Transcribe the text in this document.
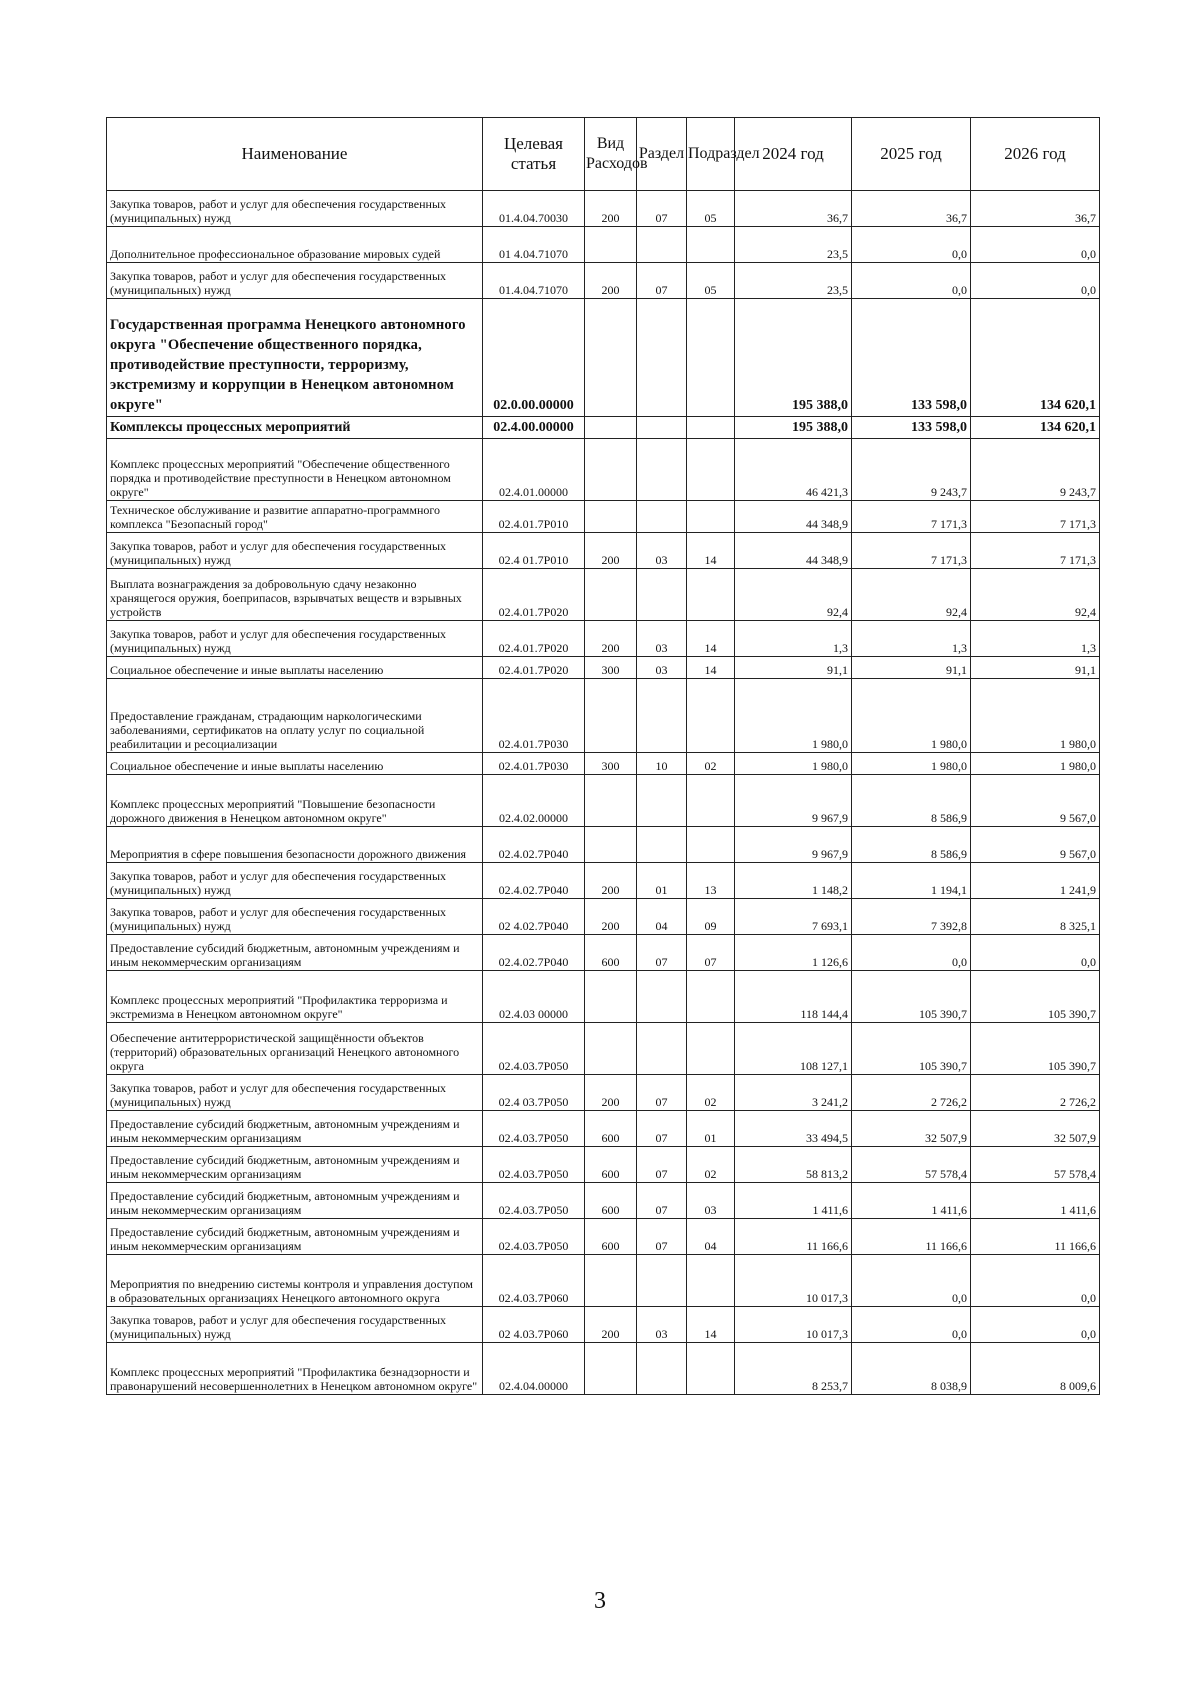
Наименование	Целевая статья	Вид Расходов	Раздел	Подраздел	2024 год	2025 год	2026 год
Закупка товаров, работ и услуг для обеспечения государственных (муниципальных) нужд	01.4.04.70030	200	07	05	36,7	36,7	36,7
Дополнительное профессиональное образование мировых судей	01 4.04.71070				23,5	0,0	0,0
Закупка товаров, работ и услуг для обеспечения государственных (муниципальных) нужд	01.4.04.71070	200	07	05	23,5	0,0	0,0
Государственная программа Ненецкого автономного округа "Обеспечение общественного порядка, противодействие преступности, терроризму, экстремизму и коррупции в Ненецком автономном округе"	02.0.00.00000				195 388,0	133 598,0	134 620,1
Комплексы процессных мероприятий	02.4.00.00000				195 388,0	133 598,0	134 620,1
Комплекс процессных мероприятий "Обеспечение общественного порядка и противодействие преступности в Ненецком автономном округе"	02.4.01.00000				46 421,3	9 243,7	9 243,7
Техническое обслуживание и развитие аппаратно-программного комплекса "Безопасный город"	02.4.01.7Р010				44 348,9	7 171,3	7 171,3
Закупка товаров, работ и услуг для обеспечения государственных (муниципальных) нужд	02.4 01.7Р010	200	03	14	44 348,9	7 171,3	7 171,3
Выплата вознаграждения за добровольную сдачу незаконно хранящегося оружия, боеприпасов, взрывчатых веществ и взрывных устройств	02.4.01.7Р020				92,4	92,4	92,4
Закупка товаров, работ и услуг для обеспечения государственных (муниципальных) нужд	02.4.01.7Р020	200	03	14	1,3	1,3	1,3
Социальное обеспечение и иные выплаты населению	02.4.01.7Р020	300	03	14	91,1	91,1	91,1
Предоставление гражданам, страдающим наркологическими заболеваниями, сертификатов на оплату услуг по социальной реабилитации и ресоциализации	02.4.01.7Р030				1 980,0	1 980,0	1 980,0
Социальное обеспечение и иные выплаты населению	02.4.01.7Р030	300	10	02	1 980,0	1 980,0	1 980,0
Комплекс процессных мероприятий "Повышение безопасности дорожного движения в Ненецком автономном округе"	02.4.02.00000				9 967,9	8 586,9	9 567,0
Мероприятия в сфере повышения безопасности дорожного движения	02.4.02.7Р040				9 967,9	8 586,9	9 567,0
Закупка товаров, работ и услуг для обеспечения государственных (муниципальных) нужд	02.4.02.7Р040	200	01	13	1 148,2	1 194,1	1 241,9
Закупка товаров, работ и услуг для обеспечения государственных (муниципальных) нужд	02 4.02.7Р040	200	04	09	7 693,1	7 392,8	8 325,1
Предоставление субсидий бюджетным, автономным учреждениям и иным некоммерческим организациям	02.4.02.7Р040	600	07	07	1 126,6	0,0	0,0
Комплекс процессных мероприятий "Профилактика терроризма и экстремизма в Ненецком автономном округе"	02.4.03 00000				118 144,4	105 390,7	105 390,7
Обеспечение антитеррористической защищённости объектов (территорий) образовательных организаций Ненецкого автономного округа	02.4.03.7Р050				108 127,1	105 390,7	105 390,7
Закупка товаров, работ и услуг для обеспечения государственных (муниципальных) нужд	02.4 03.7Р050	200	07	02	3 241,2	2 726,2	2 726,2
Предоставление субсидий бюджетным, автономным учреждениям и иным некоммерческим организациям	02.4.03.7Р050	600	07	01	33 494,5	32 507,9	32 507,9
Предоставление субсидий бюджетным, автономным учреждениям и иным некоммерческим организациям	02.4.03.7Р050	600	07	02	58 813,2	57 578,4	57 578,4
Предоставление субсидий бюджетным, автономным учреждениям и иным некоммерческим организациям	02.4.03.7Р050	600	07	03	1 411,6	1 411,6	1 411,6
Предоставление субсидий бюджетным, автономным учреждениям и иным некоммерческим организациям	02.4.03.7Р050	600	07	04	11 166,6	11 166,6	11 166,6
Мероприятия по внедрению системы контроля и управления доступом в образовательных организациях Ненецкого автономного округа	02.4.03.7Р060				10 017,3	0,0	0,0
Закупка товаров, работ и услуг для обеспечения государственных (муниципальных) нужд	02 4.03.7Р060	200	03	14	10 017,3	0,0	0,0
Комплекс процессных мероприятий "Профилактика безнадзорности и правонарушений несовершеннолетних в Ненецком автономном округе"	02.4.04.00000				8 253,7	8 038,9	8 009,6
3
